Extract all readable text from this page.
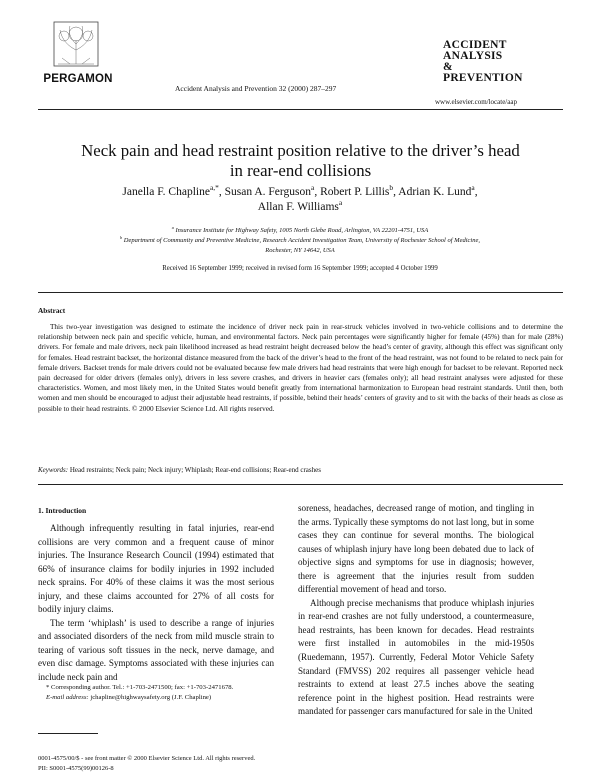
PERGAMON
Accident Analysis and Prevention 32 (2000) 287–297
ACCIDENT
ANALYSIS
&
PREVENTION
www.elsevier.com/locate/aap
Neck pain and head restraint position relative to the driver’s head
in rear-end collisions
Janella F. Chapline$^{a,*}$, Susan A. Ferguson$^a$, Robert P. Lillis$^b$, Adrian K. Lund$^a$,
Allan F. Williams$^a$
$^a$ Insurance Institute for Highway Safety, 1005 North Glebe Road, Arlington, VA 22201-4751, USA
$^b$ Department of Community and Preventive Medicine, Research Accident Investigation Team, University of Rochester School of Medicine,
Rochester, NY 14642, USA
Received 16 September 1999; received in revised form 16 September 1999; accepted 4 October 1999
Abstract
This two-year investigation was designed to estimate the incidence of driver neck pain in rear-struck vehicles involved in two-vehicle collisions and to determine the relationship between neck pain and specific vehicle, human, and environmental factors. Neck pain percentages were significantly higher for female (45%) than for male (28%) drivers. For female and male drivers, neck pain likelihood increased as head restraint height decreased below the head’s center of gravity, although this effect was significant only for females. Head restraint backset, the horizontal distance measured from the back of the driver’s head to the front of the head restraint, was not found to be related to neck pain for female drivers. Backset trends for male drivers could not be evaluated because few male drivers had head restraints that were high enough for backset to be relevant. Reported neck pain decreased for older drivers (females only), drivers in less severe crashes, and drivers in heavier cars (females only); all head restraint analyses were adjusted for these characteristics. Women, and most likely men, in the United States would benefit greatly from international harmonization to European head restraint standards. Until then, both women and men should be encouraged to adjust their adjustable head restraints, if possible, behind their heads’ centers of gravity and to sit with the backs of their heads as close as possible to their head restraints. © 2000 Elsevier Science Ltd. All rights reserved.
Keywords: Head restraints; Neck pain; Neck injury; Whiplash; Rear-end collisions; Rear-end crashes
1. Introduction

Although infrequently resulting in fatal injuries, rear-end collisions are very common and a frequent cause of minor injuries. The Insurance Research Council (1994) estimated that 66% of insurance claims for bodily injuries in 1992 included neck sprains. For 40% of these claims it was the most serious injury, and these claims accounted for 27% of all costs for bodily injury claims.

The term ‘whiplash’ is used to describe a range of injuries and associated disorders of the neck from mild muscle strain to tearing of various soft tissues in the neck, nerve damage, and even disc damage. Symptoms associated with these injuries can include neck pain and

soreness, headaches, decreased range of motion, and tingling in the arms. Typically these symptoms do not last long, but in some cases they can continue for several months. The biological causes of whiplash injury have long been debated due to lack of objective signs and symptoms for use in diagnosis; however, there is agreement that the injuries result from sudden differential movement of head and torso.

Although precise mechanisms that produce whiplash injuries in rear-end crashes are not fully understood, a countermeasure, head restraints, has been known for decades. Head restraints were first installed in automobiles in the mid-1950s (Ruedemann, 1957). Currently, Federal Motor Vehicle Safety Standard (FMVSS) 202 requires all passenger vehicle head restraints to extend at least 27.5 inches above the seating reference point in the highest position. Head restraints were mandated for passenger cars manufactured for sale in the United

* Corresponding author. Tel.: +1-703-2471500; fax: +1-703-2471678.

E-mail address: jchapline@highwaysafety.org (J.F. Chapline)

0001-4575/00/$ - see front matter © 2000 Elsevier Science Ltd. All rights reserved.
PII: S0001-4575(99)00126-8
